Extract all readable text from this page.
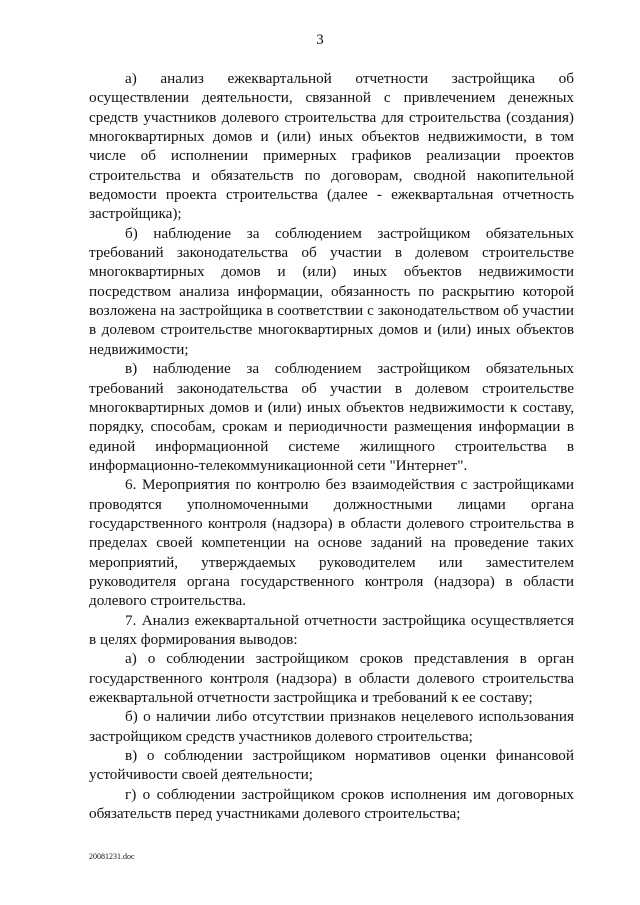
3

а) анализ ежеквартальной отчетности застройщика об осуществлении деятельности, связанной с привлечением денежных средств участников долевого строительства для строительства (создания) многоквартирных домов и (или) иных объектов недвижимости, в том числе об исполнении примерных графиков реализации проектов строительства и обязательств по договорам, сводной накопительной ведомости проекта строительства (далее - ежеквартальная отчетность застройщика);

б) наблюдение за соблюдением застройщиком обязательных требований законодательства об участии в долевом строительстве многоквартирных домов и (или) иных объектов недвижимости посредством анализа информации, обязанность по раскрытию которой возложена на застройщика в соответствии с законодательством об участии в долевом строительстве многоквартирных домов и (или) иных объектов недвижимости;

в) наблюдение за соблюдением застройщиком обязательных требований законодательства об участии в долевом строительстве многоквартирных домов и (или) иных объектов недвижимости к составу, порядку, способам, срокам и периодичности размещения информации в единой информационной системе жилищного строительства в информационно-телекоммуникационной сети "Интернет".

6. Мероприятия по контролю без взаимодействия с застройщиками проводятся уполномоченными должностными лицами органа государственного контроля (надзора) в области долевого строительства в пределах своей компетенции на основе заданий на проведение таких мероприятий, утверждаемых руководителем или заместителем руководителя органа государственного контроля (надзора) в области долевого строительства.

7. Анализ ежеквартальной отчетности застройщика осуществляется в целях формирования выводов:

а) о соблюдении застройщиком сроков представления в орган государственного контроля (надзора) в области долевого строительства ежеквартальной отчетности застройщика и требований к ее составу;

б) о наличии либо отсутствии признаков нецелевого использования застройщиком средств участников долевого строительства;

в) о соблюдении застройщиком нормативов оценки финансовой устойчивости своей деятельности;

г) о соблюдении застройщиком сроков исполнения им договорных обязательств перед участниками долевого строительства;

20081231.doc
